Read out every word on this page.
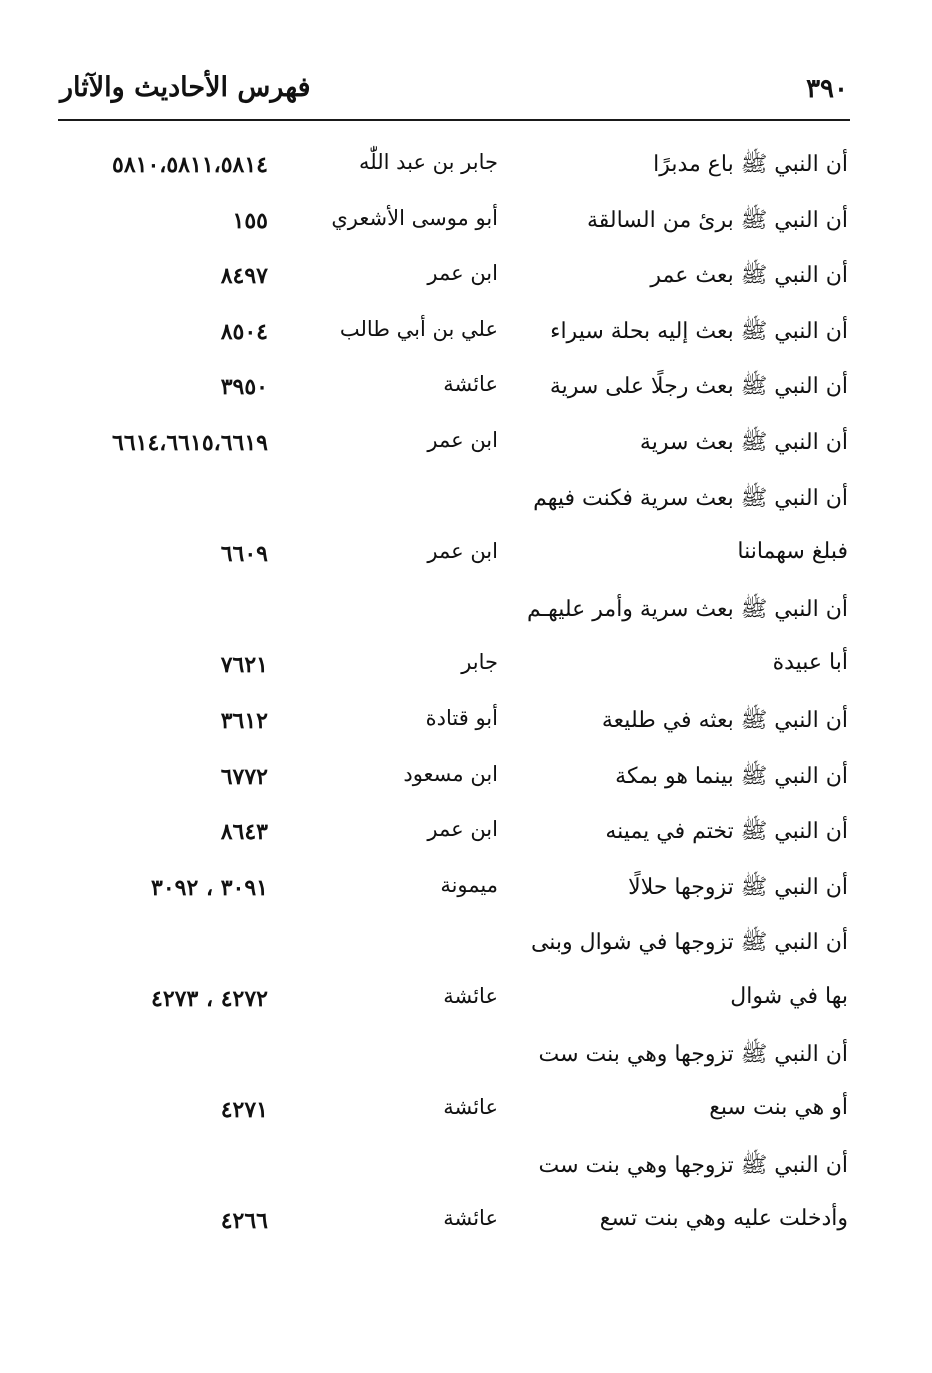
٣٩٠
فهرس الأحاديث والآثار
أن النبي ﷺ باع مدبرًا
جابر بن عبد اللّٰه
٥٨١٠،٥٨١١،٥٨١٤
أن النبي ﷺ برئ من السالقة
أبو موسى الأشعري
١٥٥
أن النبي ﷺ بعث عمر
ابن عمر
٨٤٩٧
أن النبي ﷺ بعث إليه بحلة سيراء
علي بن أبي طالب
٨٥٠٤
أن النبي ﷺ بعث رجلًا على سرية
عائشة
٣٩٥٠
أن النبي ﷺ بعث سرية
ابن عمر
٦٦١٤،٦٦١٥،٦٦١٩
أن النبي ﷺ بعث سرية فكنت فيهم
فبلغ سهماننا
ابن عمر
٦٦٠٩
أن النبي ﷺ بعث سرية وأمر عليهـم
أبا عبيدة
جابر
٧٦٢١
أن النبي ﷺ بعثه في طليعة
أبو قتادة
٣٦١٢
أن النبي ﷺ بينما هو بمكة
ابن مسعود
٦٧٧٢
أن النبي ﷺ تختم في يمينه
ابن عمر
٨٦٤٣
أن النبي ﷺ تزوجها حلالًا
ميمونة
٣٠٩١ ، ٣٠٩٢
أن النبي ﷺ تزوجها في شوال وبنى
بها في شوال
عائشة
٤٢٧٢ ، ٤٢٧٣
أن النبي ﷺ تزوجها وهي بنت ست
أو هي بنت سبع
عائشة
٤٢٧١
أن النبي ﷺ تزوجها وهي بنت ست
وأدخلت عليه وهي بنت تسع
عائشة
٤٢٦٦
